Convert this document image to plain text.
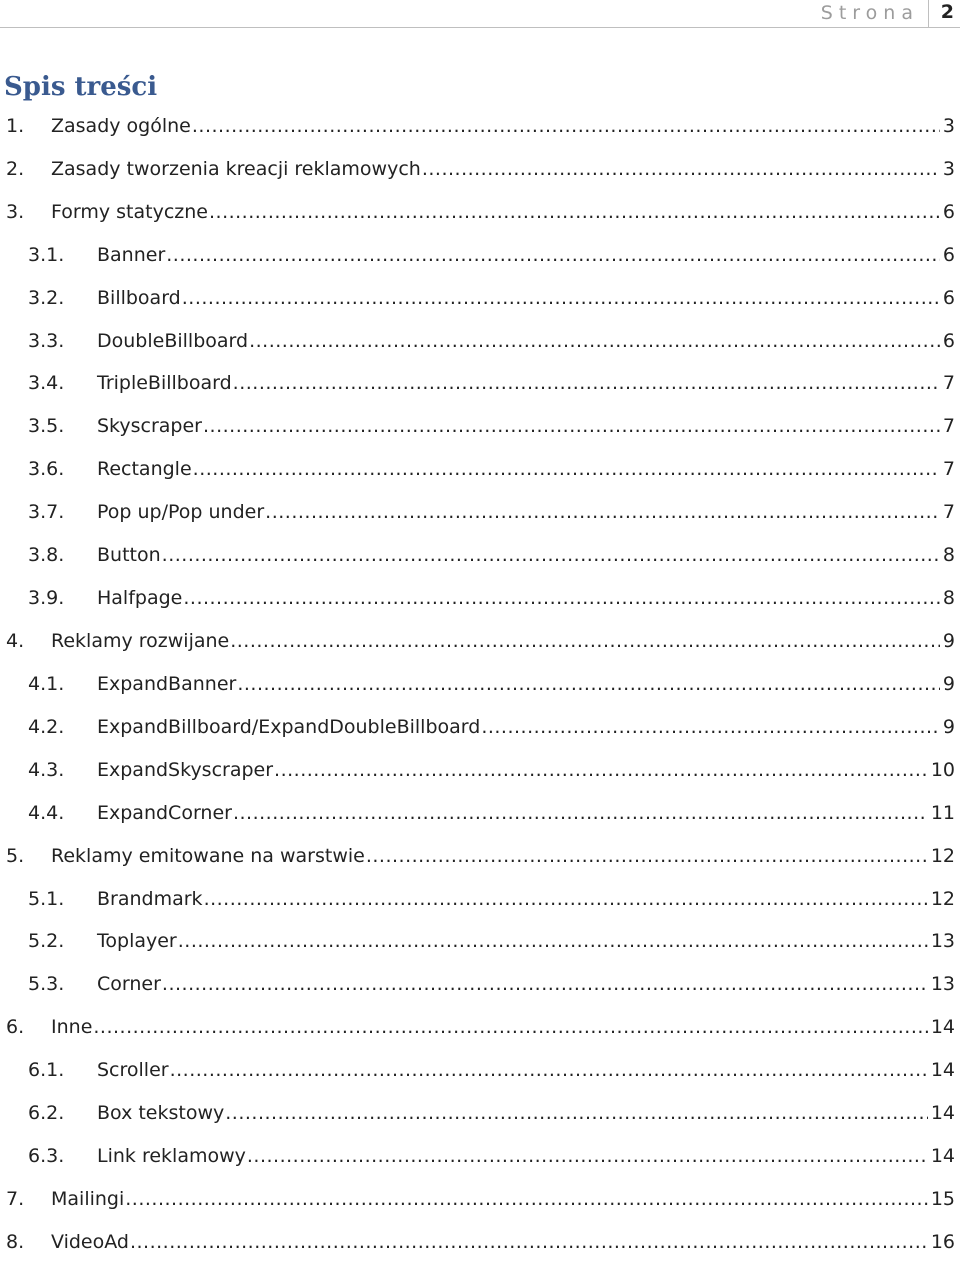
Strona 2
Spis treści
1. Zasady ogólne .....	3
2. Zasady tworzenia kreacji reklamowych .....	3
3. Formy statyczne .....	6
3.1. Banner .....	6
3.2. Billboard .....	6
3.3. DoubleBillboard .....	6
3.4. TripleBillboard .....	7
3.5. Skyscraper .....	7
3.6. Rectangle .....	7
3.7. Pop up/Pop under .....	7
3.8. Button .....	8
3.9. Halfpage .....	8
4. Reklamy rozwijane .....	9
4.1. ExpandBanner .....	9
4.2. ExpandBillboard/ExpandDoubleBillboard .....	9
4.3. ExpandSkyscraper .....	10
4.4. ExpandCorner .....	11
5. Reklamy emitowane na warstwie .....	12
5.1. Brandmark .....	12
5.2. Toplayer .....	13
5.3. Corner .....	13
6. Inne .....	14
6.1. Scroller .....	14
6.2. Box tekstowy .....	14
6.3. Link reklamowy .....	14
7. Mailingi .....	15
8. VideoAd .....	16
